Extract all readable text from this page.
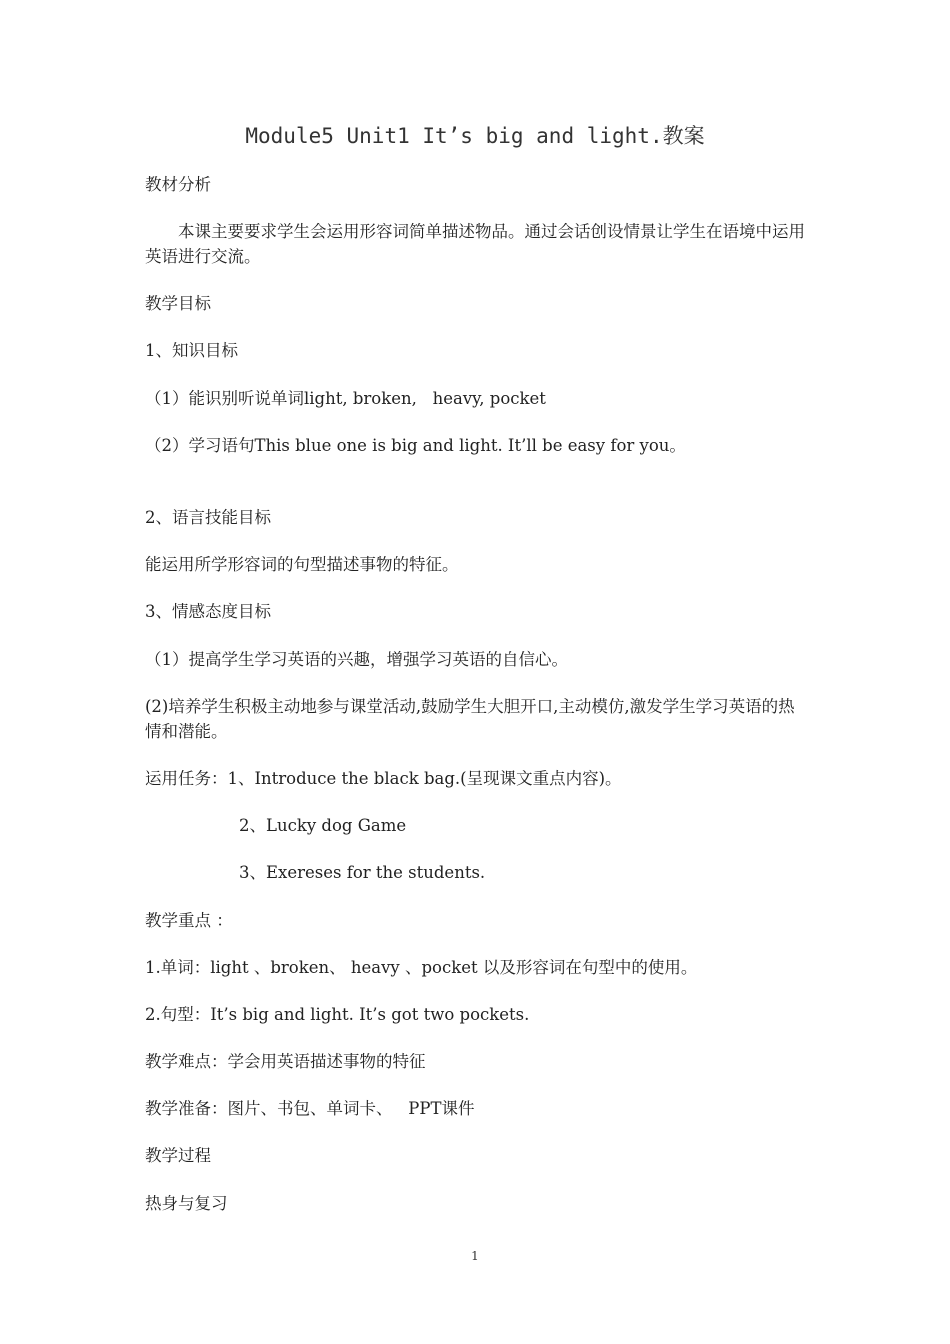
Module5 Unit1 It’s big and light.教案
教材分析
本课主要要求学生会运用形容词简单描述物品。通过会话创设情景让学生在语境中运用英语进行交流。
教学目标
1、知识目标
（1）能识别听说单词light, broken,   heavy, pocket
（2）学习语句This blue one is big and light. It’ll be easy for you。
2、语言技能目标
能运用所学形容词的句型描述事物的特征。
3、情感态度目标
（1）提高学生学习英语的兴趣，增强学习英语的自信心。
(2)培养学生积极主动地参与课堂活动,鼓励学生大胆开口,主动模仿,激发学生学习英语的热情和潜能。
运用任务：1、Introduce the black bag.(呈现课文重点内容)。
2、Lucky dog Game
3、Exereses for the students.
教学重点 ：
1.单词：light 、broken、 heavy 、pocket 以及形容词在句型中的使用。
2.句型：It’s big and light. It’s got two pockets.
教学难点：学会用英语描述事物的特征
教学准备：图片、书包、单词卡、   PPT课件
教学过程
热身与复习
1
